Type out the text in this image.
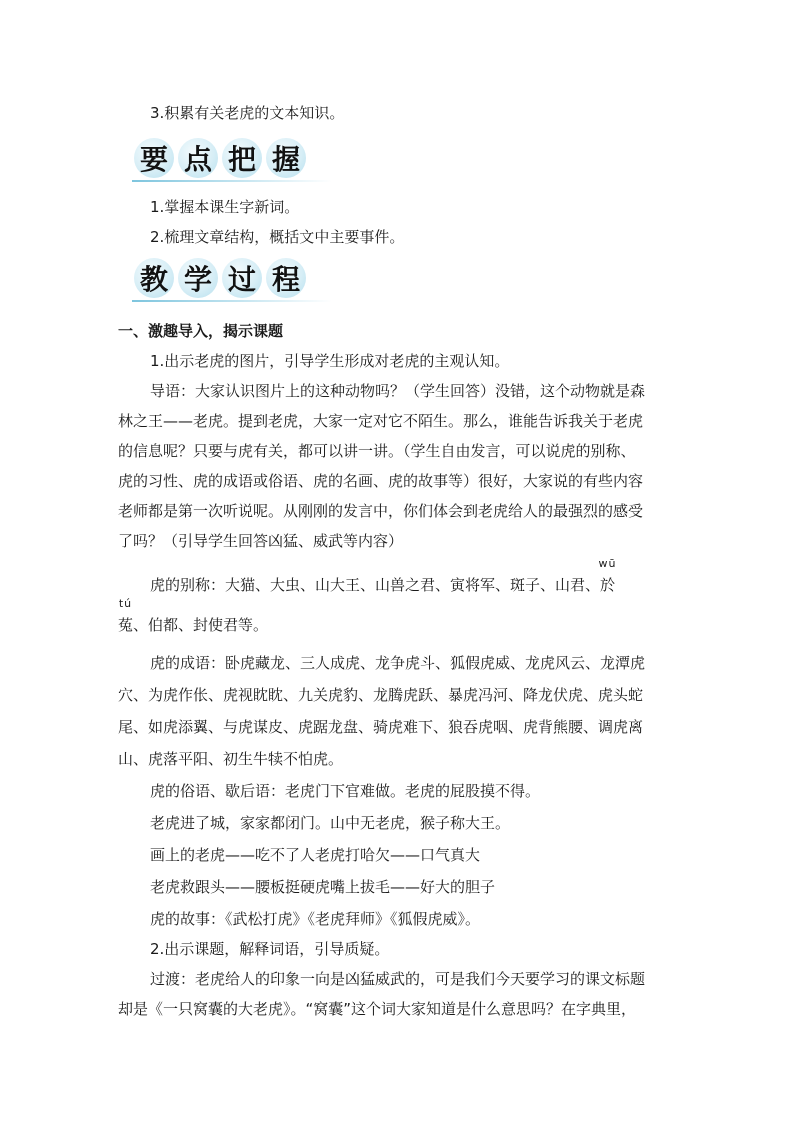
3.积累有关老虎的文本知识。
要 点 把 握
1.掌握本课生字新词。
2.梳理文章结构，概括文中主要事件。
教 学 过 程
一、激趣导入，揭示课题
1.出示老虎的图片，引导学生形成对老虎的主观认知。
导语：大家认识图片上的这种动物吗？（学生回答）没错，这个动物就是森
林之王——老虎。提到老虎，大家一定对它不陌生。那么，谁能告诉我关于老虎
的信息呢？只要与虎有关，都可以讲一讲。（学生自由发言，可以说虎的别称、
虎的习性、虎的成语或俗语、虎的名画、虎的故事等）很好，大家说的有些内容
老师都是第一次听说呢。从刚刚的发言中，你们体会到老虎给人的最强烈的感受
了吗？（引导学生回答凶猛、威武等内容）
虎的别称：大猫、大虫、山大王、山兽之君、寅将军、斑子、山君、
wū
於
tú
菟、伯都、封使君等。
虎的成语：卧虎藏龙、三人成虎、龙争虎斗、狐假虎威、龙虎风云、龙潭虎
穴、为虎作伥、虎视眈眈、九关虎豹、龙腾虎跃、暴虎冯河、降龙伏虎、虎头蛇
尾、如虎添翼、与虎谋皮、虎踞龙盘、骑虎难下、狼吞虎咽、虎背熊腰、调虎离
山、虎落平阳、初生牛犊不怕虎。
虎的俗语、歇后语：老虎门下官难做。老虎的屁股摸不得。
老虎进了城，家家都闭门。山中无老虎，猴子称大王。
画上的老虎——吃不了人老虎打哈欠——口气真大
老虎救跟头——腰板挺硬虎嘴上拔毛——好大的胆子
虎的故事：《武松打虎》《老虎拜师》《狐假虎威》。
2.出示课题，解释词语，引导质疑。
过渡：老虎给人的印象一向是凶猛威武的，可是我们今天要学习的课文标题
却是《一只窝囊的大老虎》。“窝囊”这个词大家知道是什么意思吗？在字典里，
